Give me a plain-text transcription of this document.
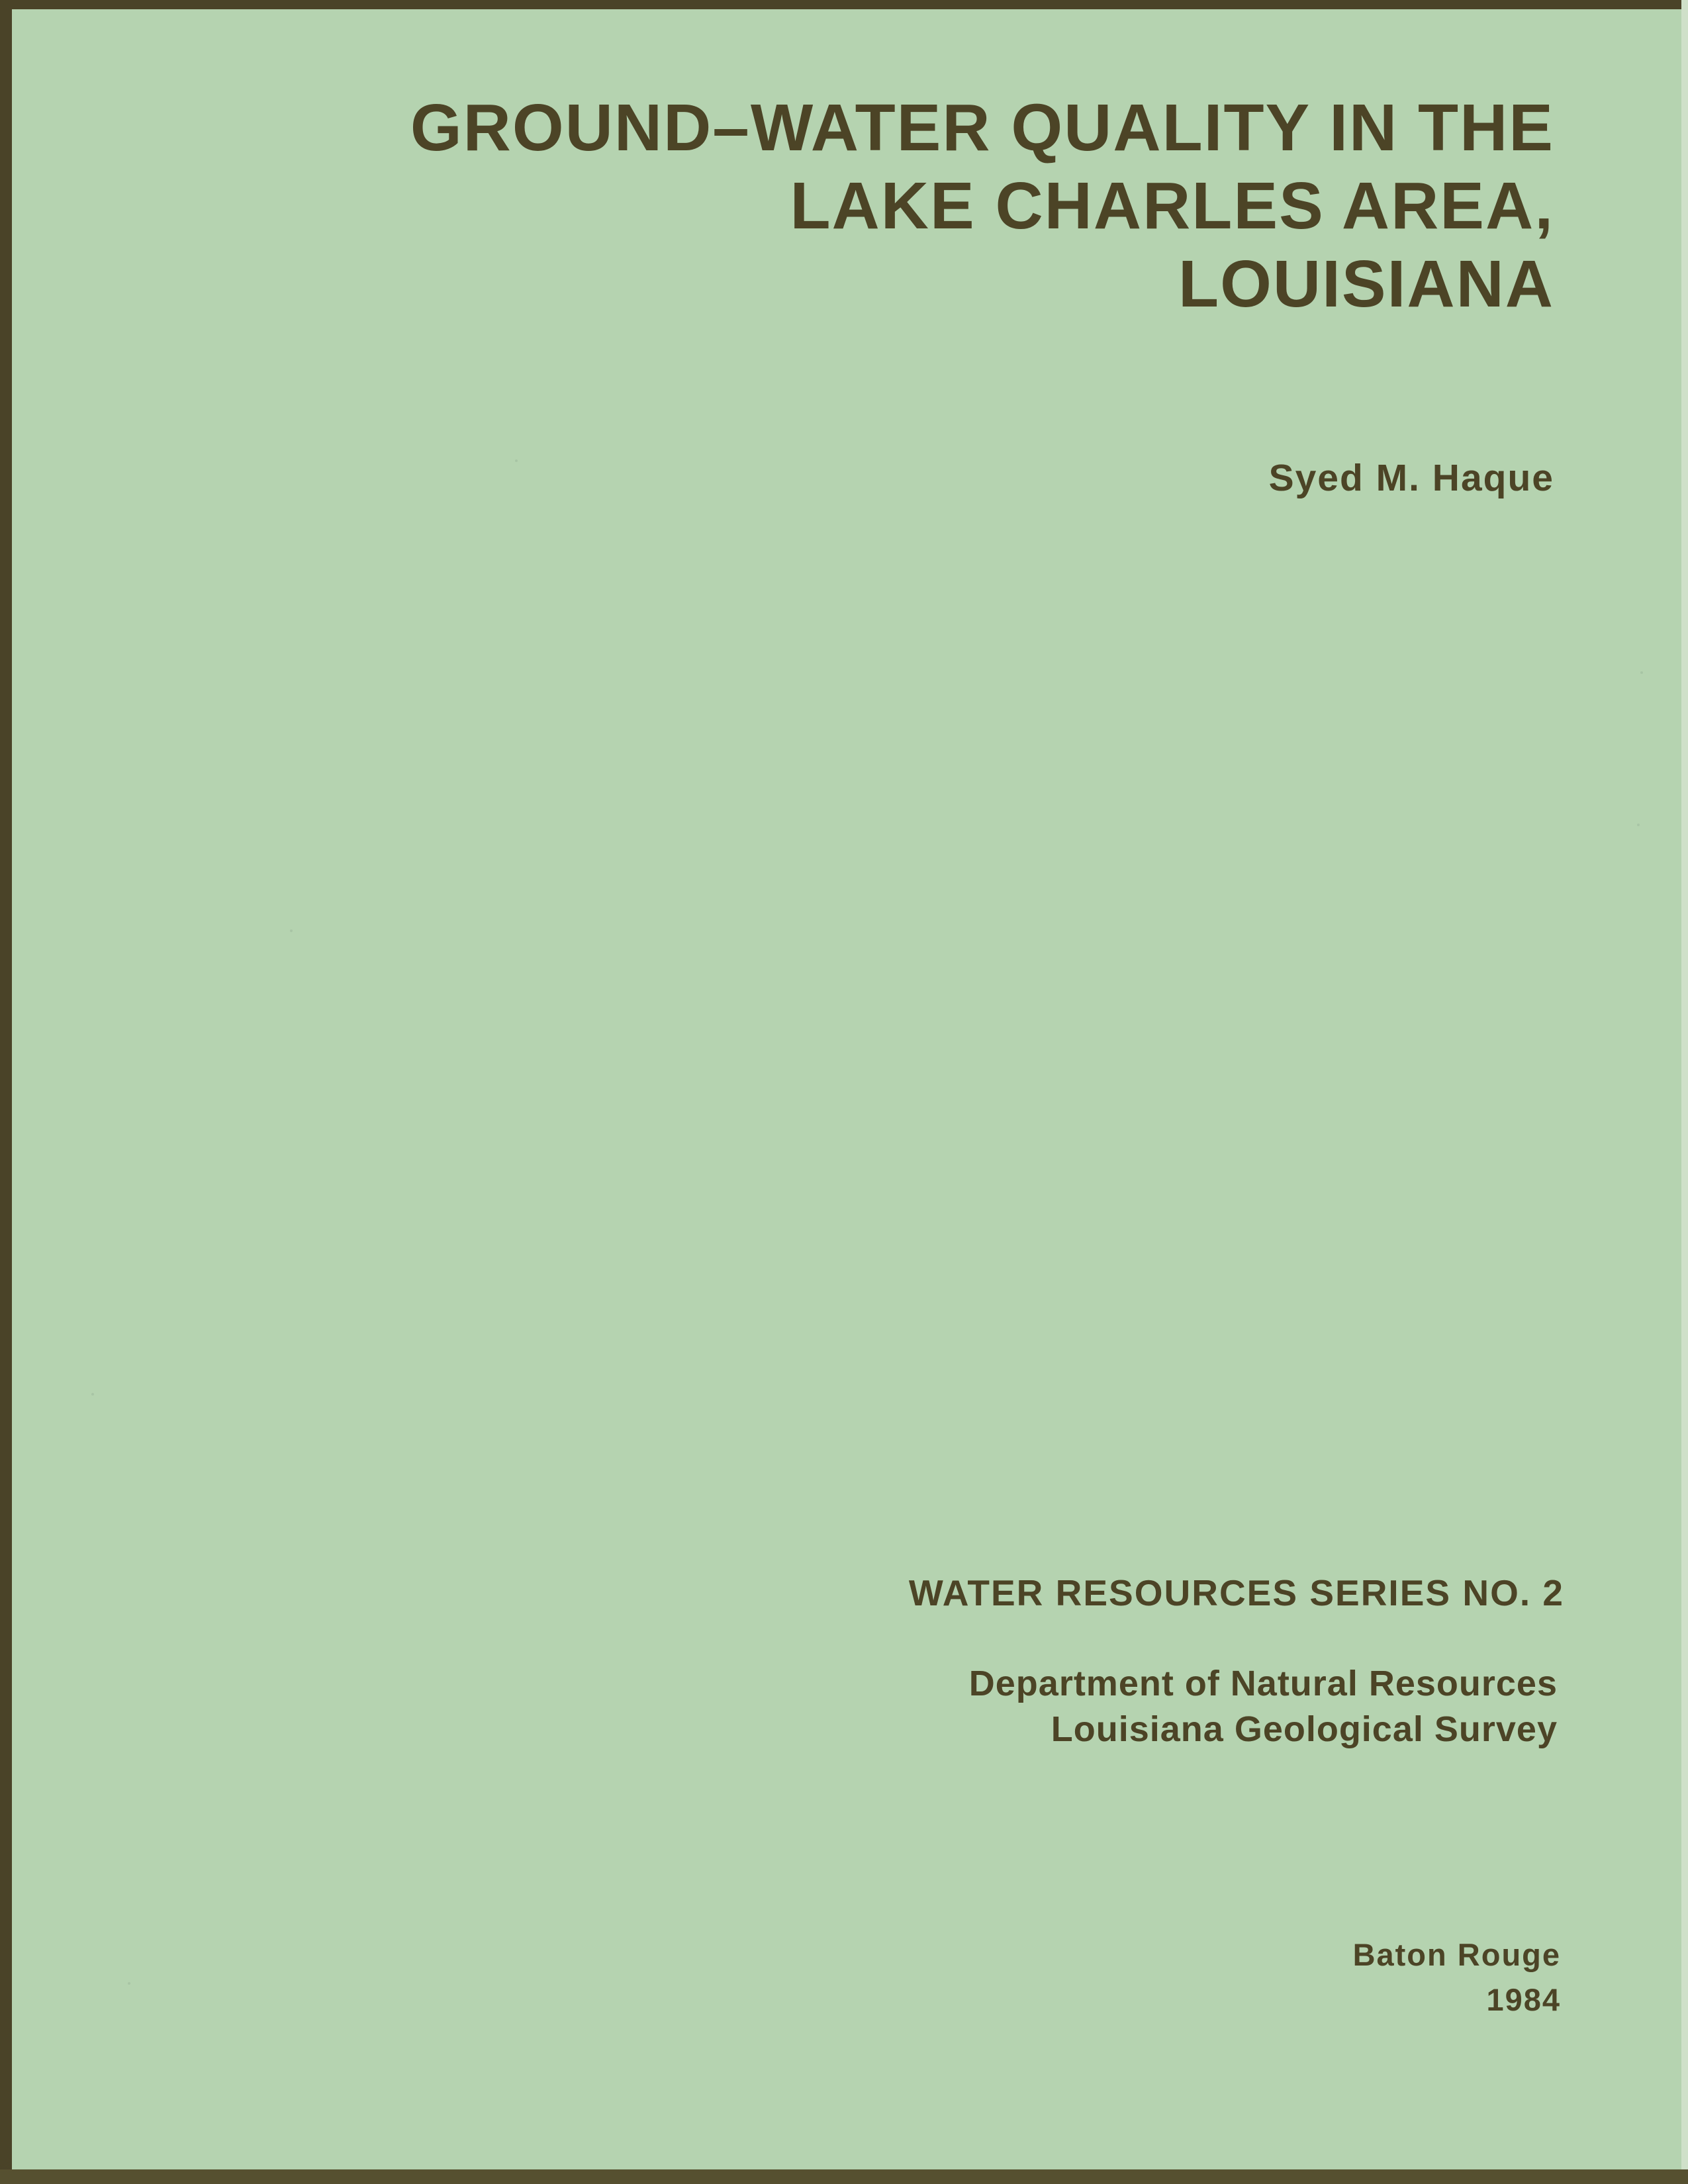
GROUND–WATER QUALITY IN THE
LAKE CHARLES AREA,
LOUISIANA
Syed M. Haque
WATER RESOURCES SERIES NO. 2
Department of Natural Resources
Louisiana Geological Survey
Baton Rouge
1984
